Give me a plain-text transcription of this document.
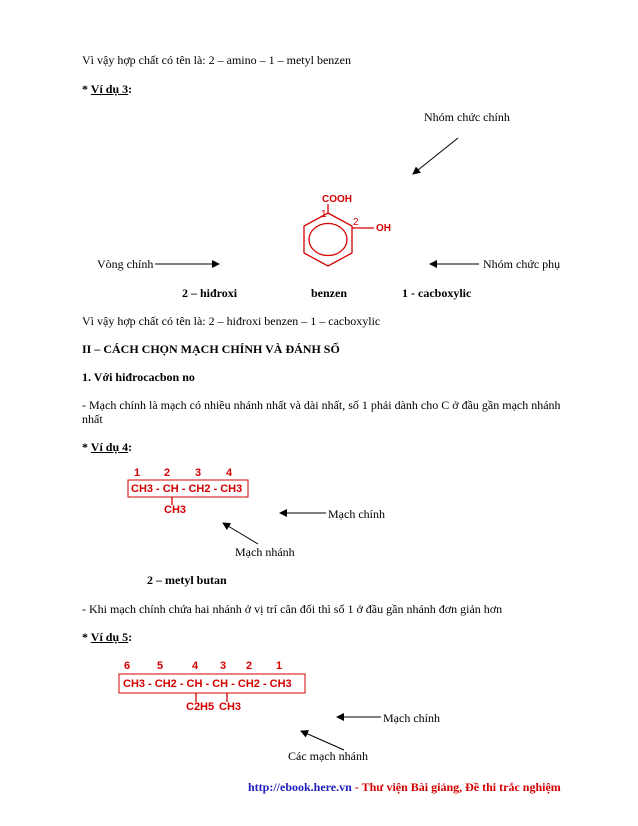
Vì vậy hợp chất có tên là: 2 – amino – 1 – metyl benzen
* Ví dụ 3:
Nhóm chức chính
COOH
1
2
OH
Vòng chính	Nhóm chức phụ
2 – hiđroxi	benzen	1 - cacboxylic
Vì vậy hợp chất có tên là: 2 – hiđroxi benzen – 1 – cacboxylic
II – CÁCH CHỌN MẠCH CHÍNH VÀ ĐÁNH SỐ
1. Với hiđrocacbon no
- Mạch chính là mạch có nhiều nhánh nhất và dài nhất, số 1 phải dành cho C ở đầu gần mạch nhánh
nhất
* Ví dụ 4:
1 2 3 4
CH3 - CH - CH2 - CH3
CH3	Mạch chính
Mạch nhánh
2 – metyl butan
- Khi mạch chính chứa hai nhánh ở vị trí cân đối thì số 1 ở đầu gần nhánh đơn giản hơn
* Ví dụ 5:
6 5	4 3 2 1
CH3 - CH2 - CH - CH - CH2 - CH3
C2H5 CH3
Mạch chính
Các mạch nhánh
http://ebook.here.vn - Thư viện Bài giảng, Đề thi trắc nghiệm
